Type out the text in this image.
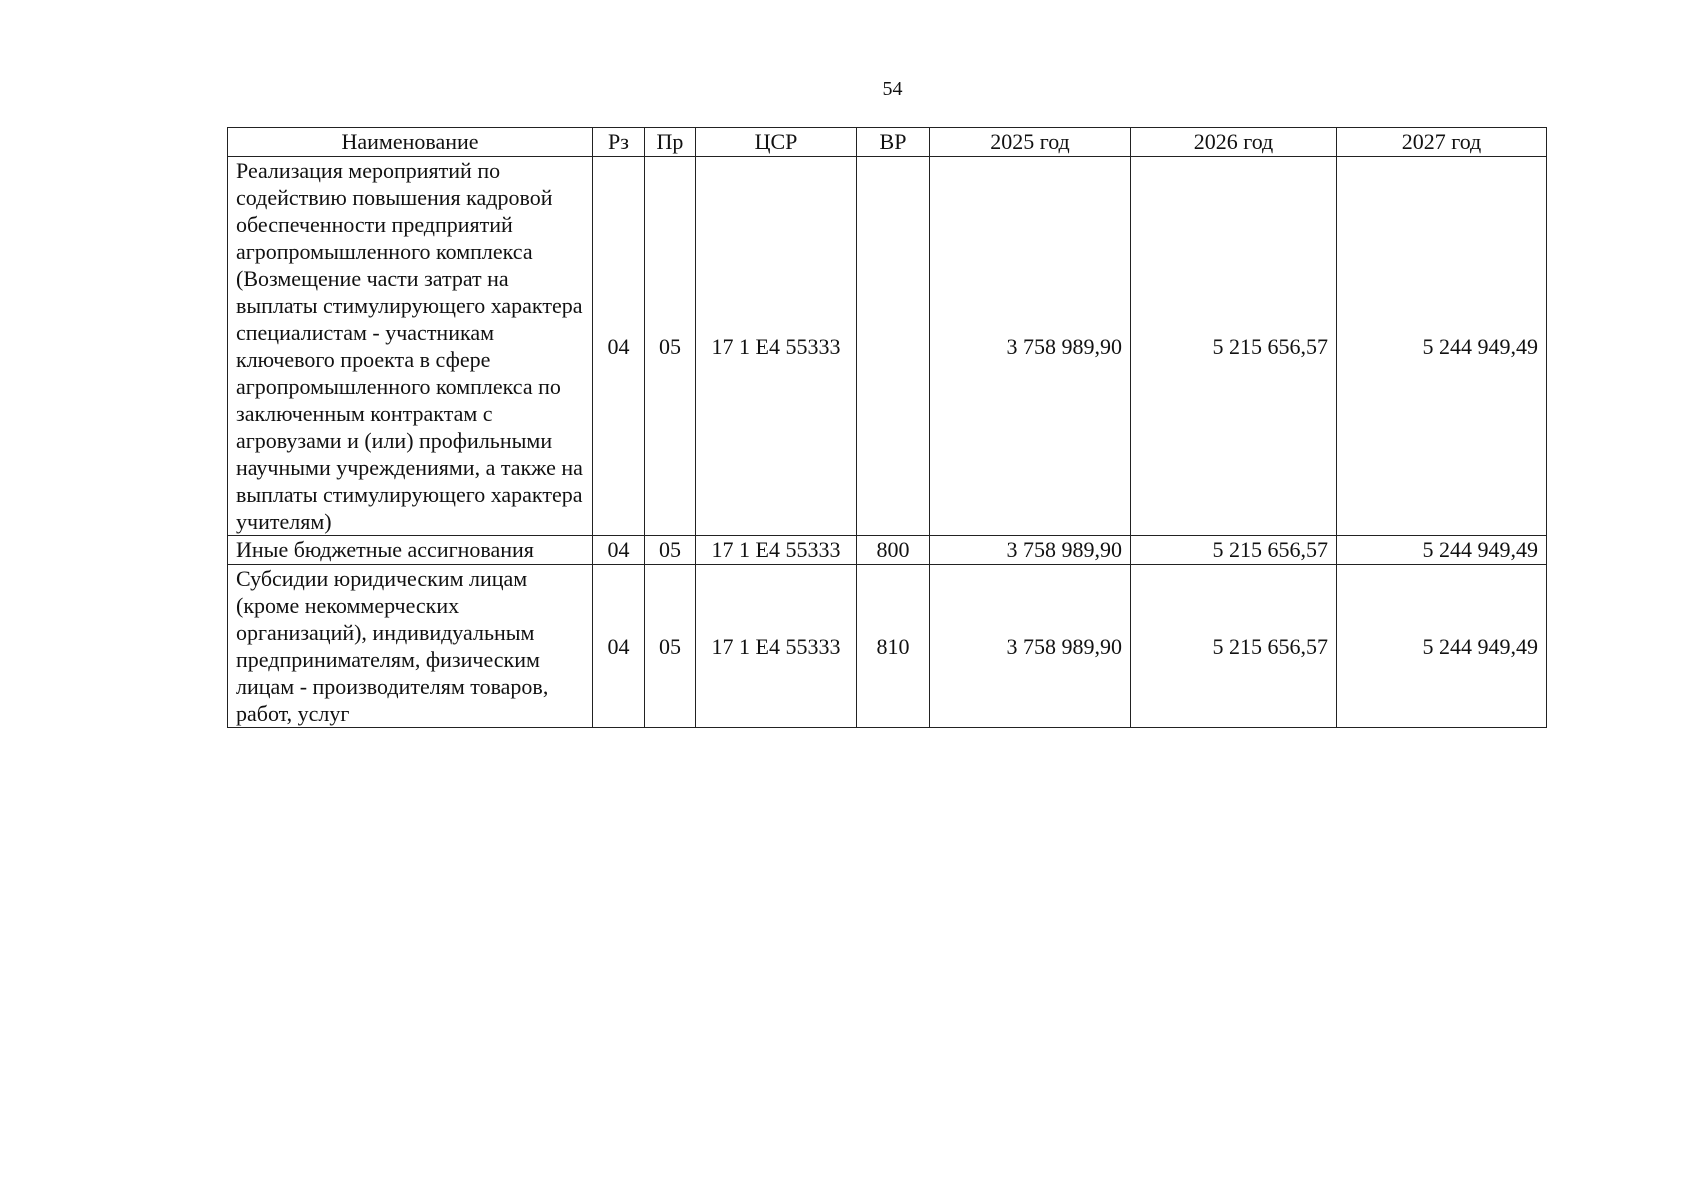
54
Наименование	Рз	Пр	ЦСР	ВР	2025 год	2026 год	2027 год
Реализация мероприятий по содействию повышения кадровой обеспеченности предприятий агропромышленного комплекса (Возмещение части затрат на выплаты стимулирующего характера специалистам - участникам ключевого проекта в сфере агропромышленного комплекса по заключенным контрактам с агровузами и (или) профильными научными учреждениями, а также на выплаты стимулирующего характера учителям)	04	05	17 1 E4 55333		3 758 989,90	5 215 656,57	5 244 949,49
Иные бюджетные ассигнования	04	05	17 1 E4 55333	800	3 758 989,90	5 215 656,57	5 244 949,49
Субсидии юридическим лицам (кроме некоммерческих организаций), индивидуальным предпринимателям, физическим лицам - производителям товаров, работ, услуг	04	05	17 1 E4 55333	810	3 758 989,90	5 215 656,57	5 244 949,49
